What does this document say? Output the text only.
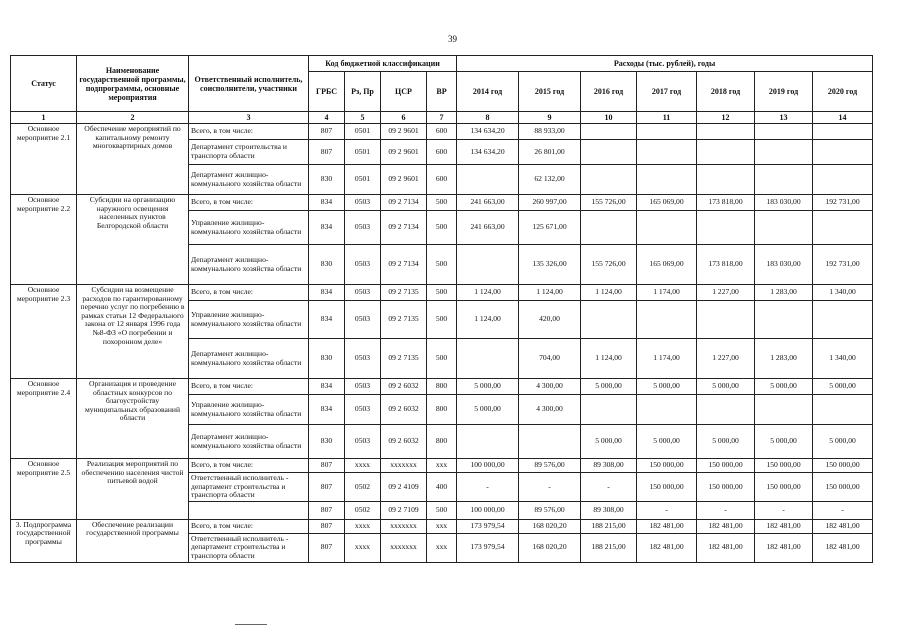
39
Статус	Наименование государственной программы, подпрограммы, основные мероприятия	Ответственный исполнитель, соисполнители, участники	Код бюджетной классификации				Расходы (тыс. рублей), годы						
			ГРБС	Рз, Пр	ЦСР	ВР	2014 год	2015 год	2016 год	2017 год	2018 год	2019 год	2020 год
1	2	3	4	5	6	7	8	9	10	11	12	13	14
Основное мероприятие 2.1	Обеспечение мероприятий по капитальному ремонту многоквартирных домов	Всего, в том числе:	807	0501	09 2 9601	600	134 634,20	88 933,00					
		Департамент строительства и транспорта области	807	0501	09 2 9601	600	134 634,20	26 801,00					
		Департамент жилищно-коммунального хозяйства области	830	0501	09 2 9601	600		62 132,00					
Основное мероприятие 2.2	Субсидии на организацию наружного освещения населенных пунктов Белгородской области	Всего, в том числе:	834	0503	09 2 7134	500	241 663,00	260 997,00	155 726,00	165 069,00	173 818,00	183 030,00	192 731,00
		Управление жилищно-коммунального хозяйства области	834	0503	09 2 7134	500	241 663,00	125 671,00					
		Департамент жилищно-коммунального хозяйства области	830	0503	09 2 7134	500		135 326,00	155 726,00	165 069,00	173 818,00	183 030,00	192 731,00
Основное мероприятие 2.3	Субсидии на возмещение расходов по гарантированному перечню услуг по погребению в рамках статьи 12 Федерального закона от 12 января 1996 года №8-ФЗ «О погребении и похоронном деле»	Всего, в том числе:	834	0503	09 2 7135	500	1 124,00	1 124,00	1 124,00	1 174,00	1 227,00	1 283,00	1 340,00
		Управление жилищно-коммунального хозяйства области	834	0503	09 2 7135	500	1 124,00	420,00					
		Департамент жилищно-коммунального хозяйства области	830	0503	09 2 7135	500		704,00	1 124,00	1 174,00	1 227,00	1 283,00	1 340,00
Основное мероприятие 2.4	Организация и проведение областных конкурсов по благоустройству муниципальных образований области	Всего, в том числе:	834	0503	09 2 6032	800	5 000,00	4 300,00	5 000,00	5 000,00	5 000,00	5 000,00	5 000,00
		Управление жилищно-коммунального хозяйства области	834	0503	09 2 6032	800	5 000,00	4 300,00					
		Департамент жилищно-коммунального хозяйства области	830	0503	09 2 6032	800			5 000,00	5 000,00	5 000,00	5 000,00	5 000,00
Основное мероприятие 2.5	Реализация мероприятий по обеспечению населения чистой питьевой водой	Всего, в том числе:	807	хххх	ххххххх	ххх	100 000,00	89 576,00	89 308,00	150 000,00	150 000,00	150 000,00	150 000,00
		Ответственный исполнитель - департамент строительства и транспорта области	807	0502	09 2 4109	400	-	-	-	150 000,00	150 000,00	150 000,00	150 000,00
			807	0502	09 2 7109	500	100 000,00	89 576,00	89 308,00	-	-	-	-
3. Подпрограмма государственной программы	Обеспечение реализации государственной программы	Всего, в том числе:	807	хххх	ххххххх	ххх	173 979,54	168 020,20	188 215,00	182 481,00	182 481,00	182 481,00	182 481,00
		Ответственный исполнитель - департамент строительства и транспорта области	807	хххх	ххххххх	ххх	173 979,54	168 020,20	188 215,00	182 481,00	182 481,00	182 481,00	182 481,00
